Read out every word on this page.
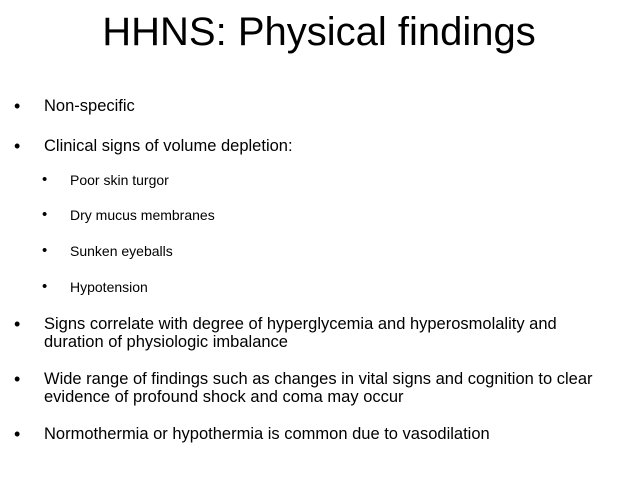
HHNS: Physical findings
• Non-specific
• Clinical signs of volume depletion:
• Poor skin turgor
• Dry mucus membranes
• Sunken eyeballs
• Hypotension
• Signs correlate with degree of hyperglycemia and hyperosmolality and
duration of physiologic imbalance
• Wide range of findings such as changes in vital signs and cognition to clear
evidence of profound shock and coma may occur
• Normothermia or hypothermia is common due to vasodilation
